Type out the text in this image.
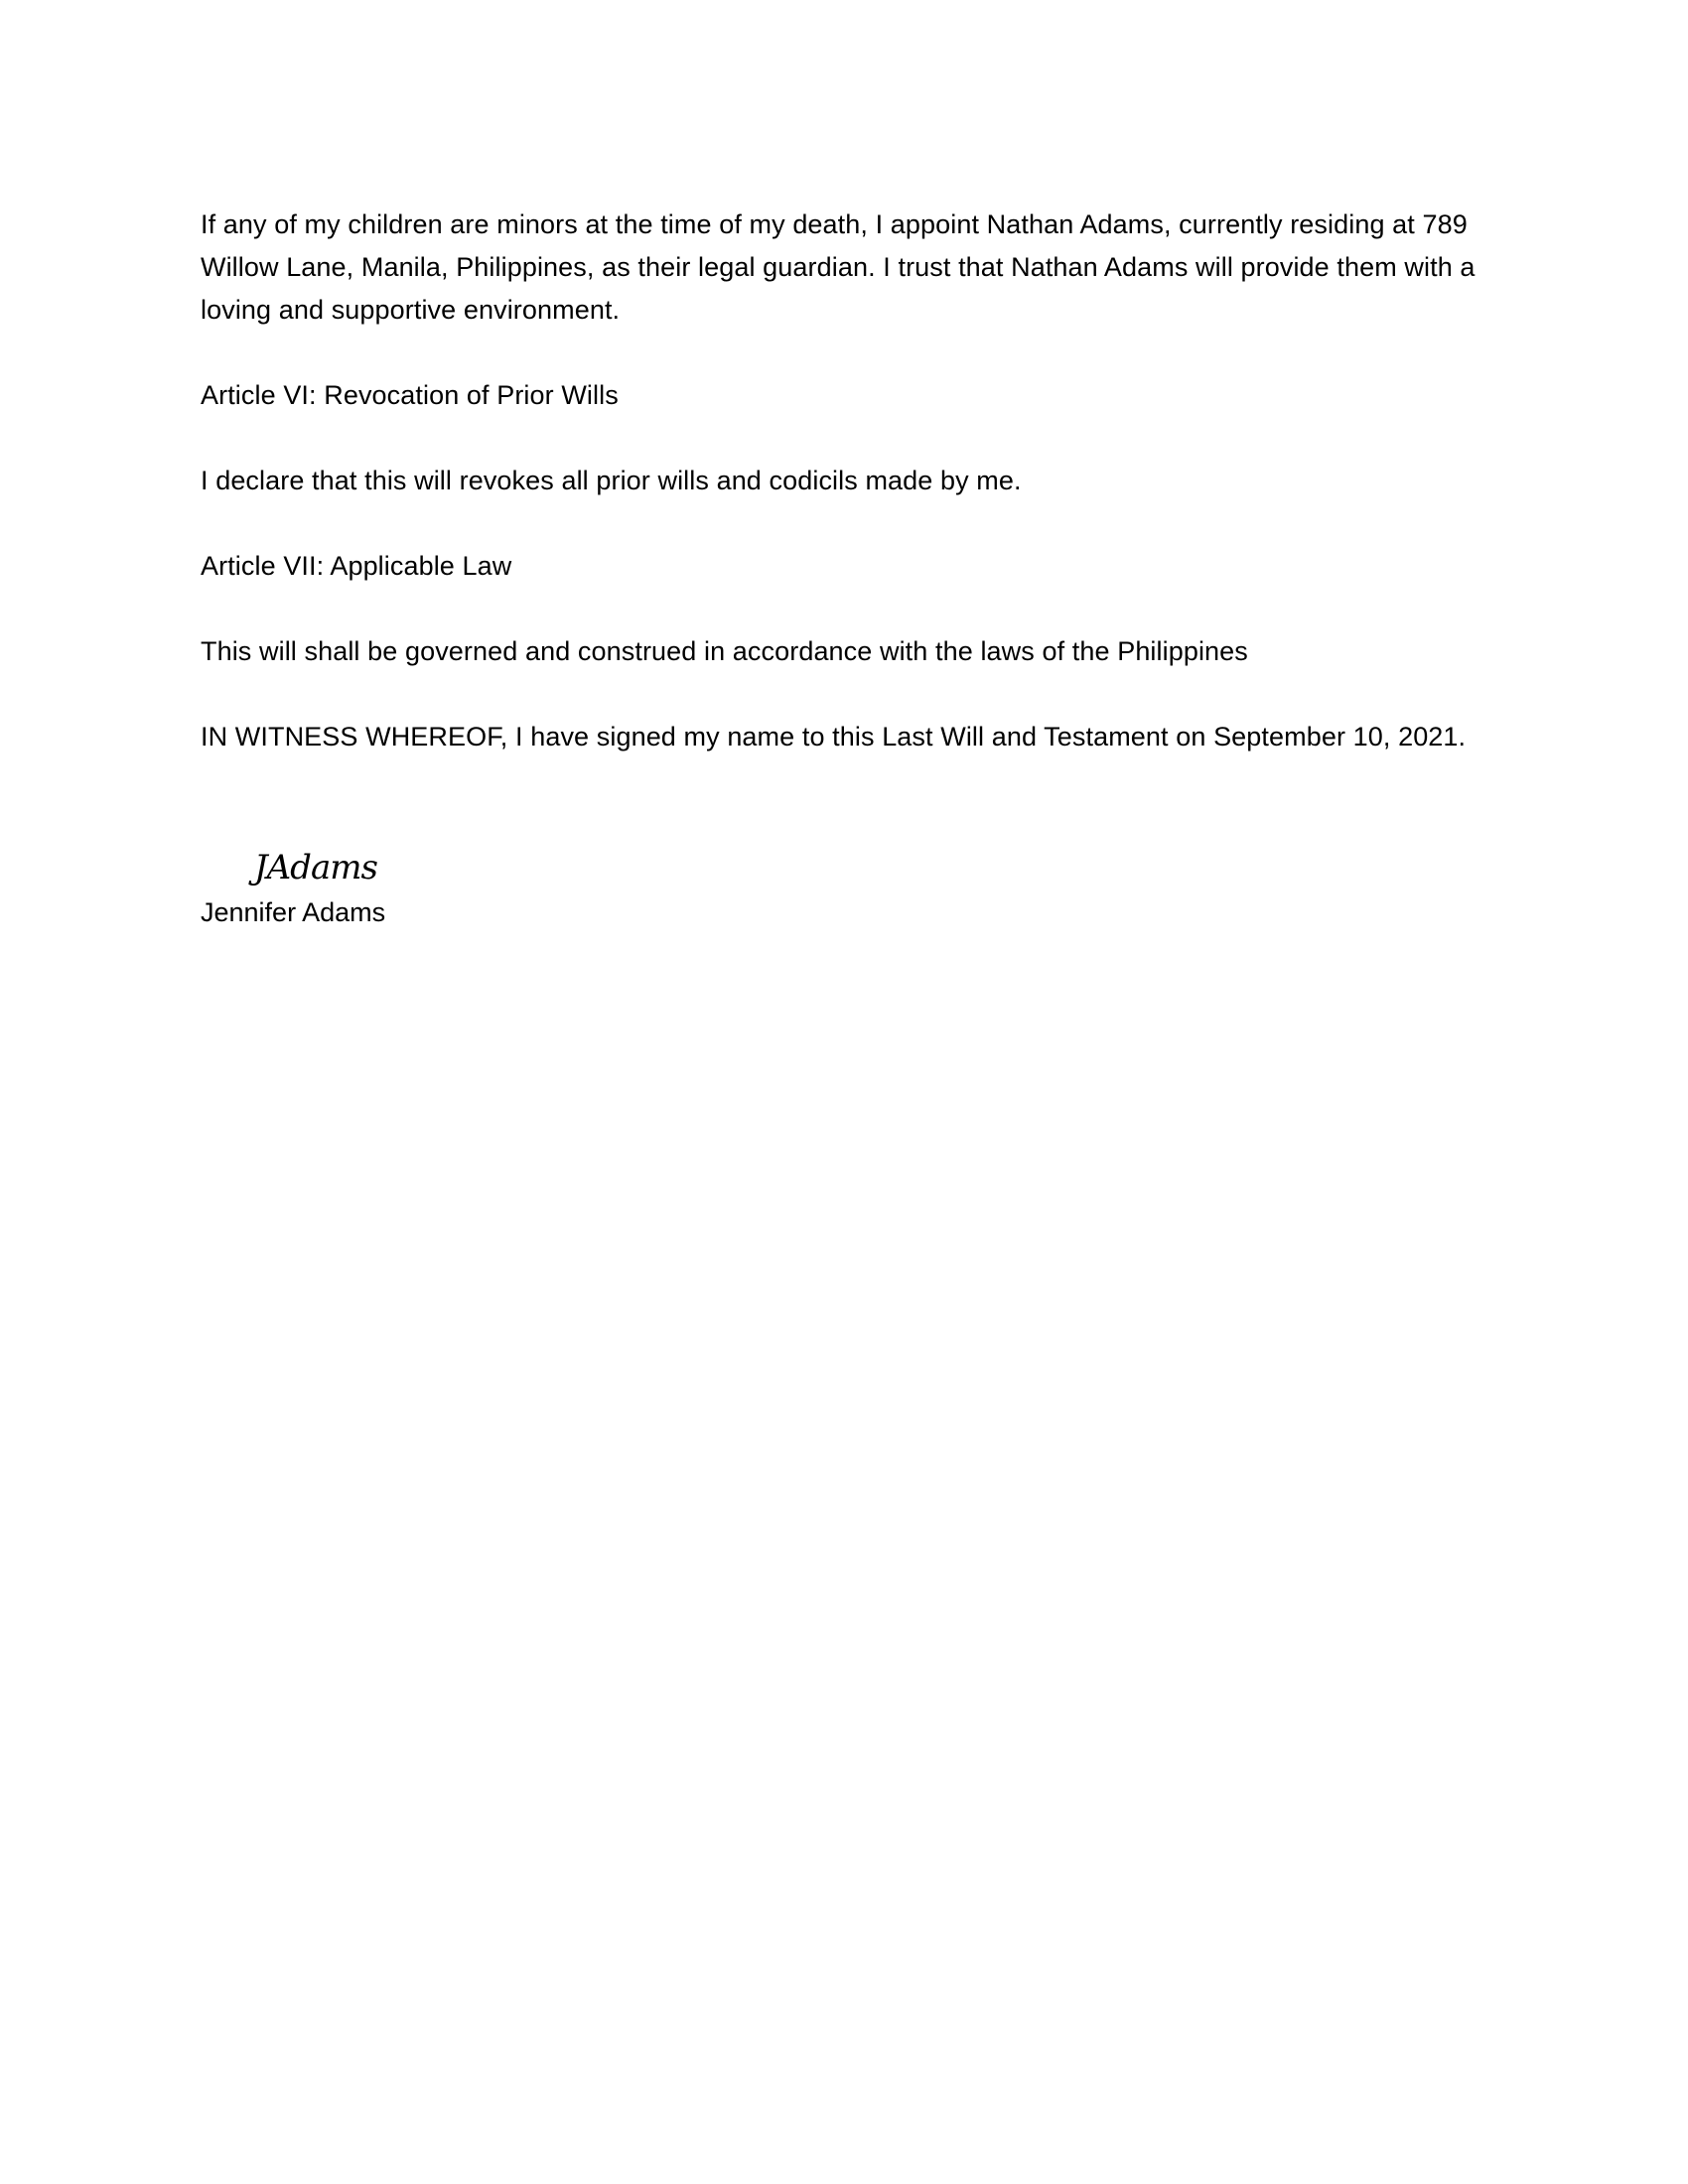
If any of my children are minors at the time of my death, I appoint Nathan Adams, currently residing at 789 Willow Lane, Manila, Philippines, as their legal guardian. I trust that Nathan Adams will provide them with a loving and supportive environment.

Article VI: Revocation of Prior Wills

I declare that this will revokes all prior wills and codicils made by me.

Article VII: Applicable Law

This will shall be governed and construed in accordance with the laws of the Philippines

IN WITNESS WHEREOF, I have signed my name to this Last Will and Testament on September 10, 2021.

JAdams
Jennifer Adams
